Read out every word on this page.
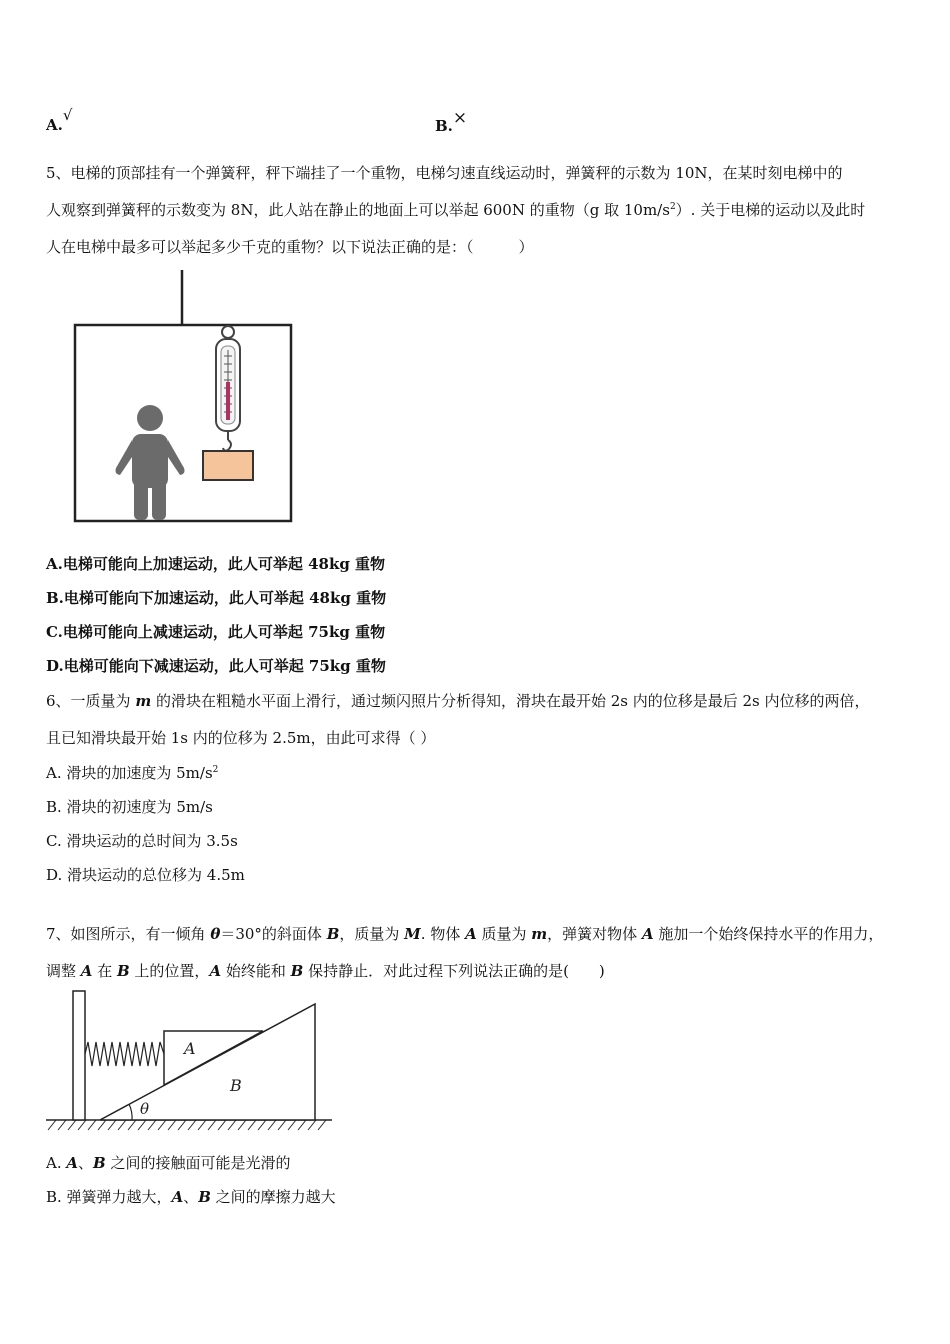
A.√
B.×
5、电梯的顶部挂有一个弹簧秤，秤下端挂了一个重物，电梯匀速直线运动时，弹簧秤的示数为 10N，在某时刻电梯中的
人观察到弹簧秤的示数变为 8N，此人站在静止的地面上可以举起 600N 的重物（g 取 $10m/s^2$）. 关于电梯的运动以及此时
人在电梯中最多可以举起多少千克的重物？以下说法正确的是：（　　　）
A.电梯可能向上加速运动，此人可举起 48kg 重物
B.电梯可能向下加速运动，此人可举起 48kg 重物
C.电梯可能向上减速运动，此人可举起 75kg 重物
D.电梯可能向下减速运动，此人可举起 75kg 重物
6、一质量为 m 的滑块在粗糙水平面上滑行，通过频闪照片分析得知，滑块在最开始 2s 内的位移是最后 2s 内位移的两倍，
且已知滑块最开始 1s 内的位移为 2.5m，由此可求得（ ）
A. 滑块的加速度为 $5m/s^2$
B. 滑块的初速度为 5m/s
C. 滑块运动的总时间为 3.5s
D. 滑块运动的总位移为 4.5m
7、如图所示，有一倾角 θ＝30°的斜面体 B，质量为 M. 物体 A 质量为 m，弹簧对物体 A 施加一个始终保持水平的作用力，
调整 A 在 B 上的位置，A 始终能和 B 保持静止．对此过程下列说法正确的是(　　)
θ
A
B
A. A、B 之间的接触面可能是光滑的
B. 弹簧弹力越大，A、B 之间的摩擦力越大
